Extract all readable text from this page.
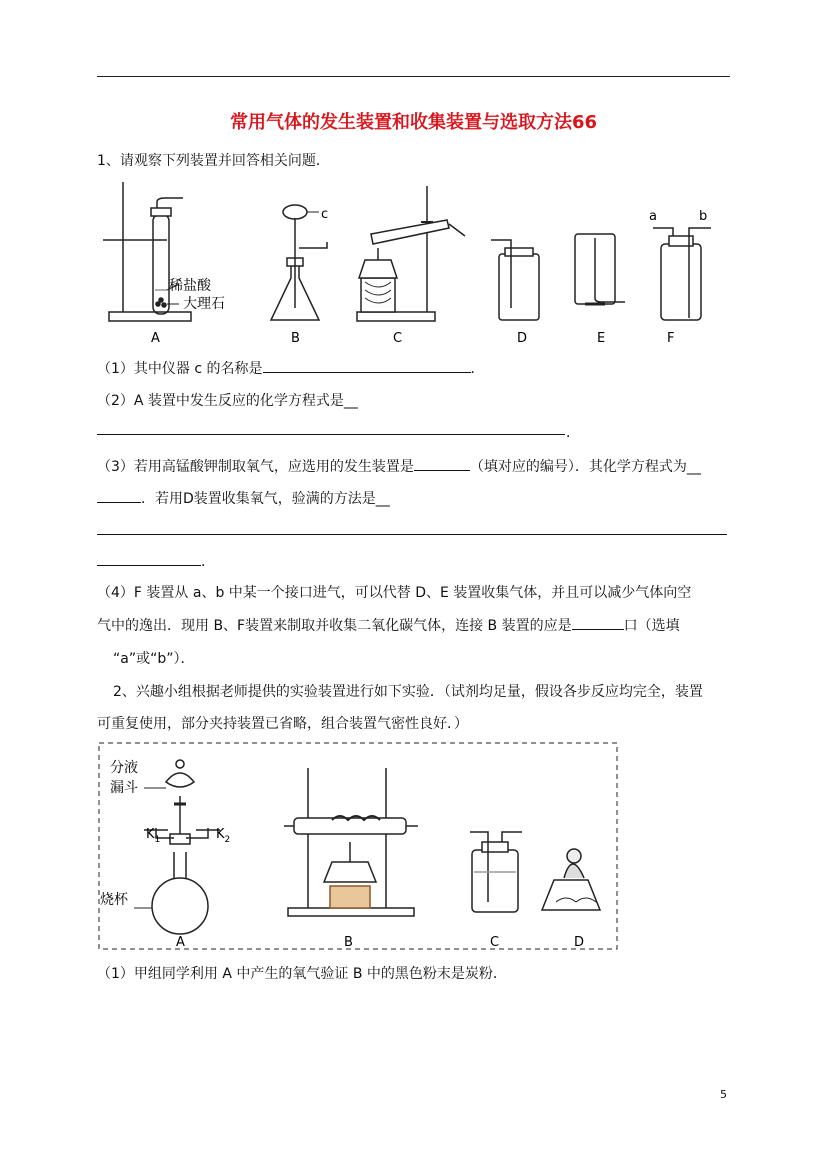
常用气体的发生装置和收集装置与选取方法66
1、请观察下列装置并回答相关问题．
稀盐酸
大理石
c	a	b
A	B	C	D	E	F
（1）其中仪器 c 的名称是	．
（2）A 装置中发生反应的化学方程式是__
．
（3）若用高锰酸钾制取氧气，应选用的发生装置是	（填对应的编号）．其化学方程式为__
．若用D装置收集氧气，验满的方法是__
．
（4）F 装置从 a、b 中某一个接口进气，可以代替 D、E 装置收集气体，并且可以减少气体向空
气中的逸出．现用 B、F装置来制取并收集二氧化碳气体，连接 B 装置的应是	口（选填
“a”或“b”）．
2、兴趣小组根据老师提供的实验装置进行如下实验．（试剂均足量，假设各步反应均完全，装置
可重复使用，部分夹持装置已省略，组合装置气密性良好．）
分液
漏斗
$K_1$	$K_2$
烧杯
A	B	C	D
（1）甲组同学利用 A 中产生的氧气验证 B 中的黑色粉末是炭粉．
5
